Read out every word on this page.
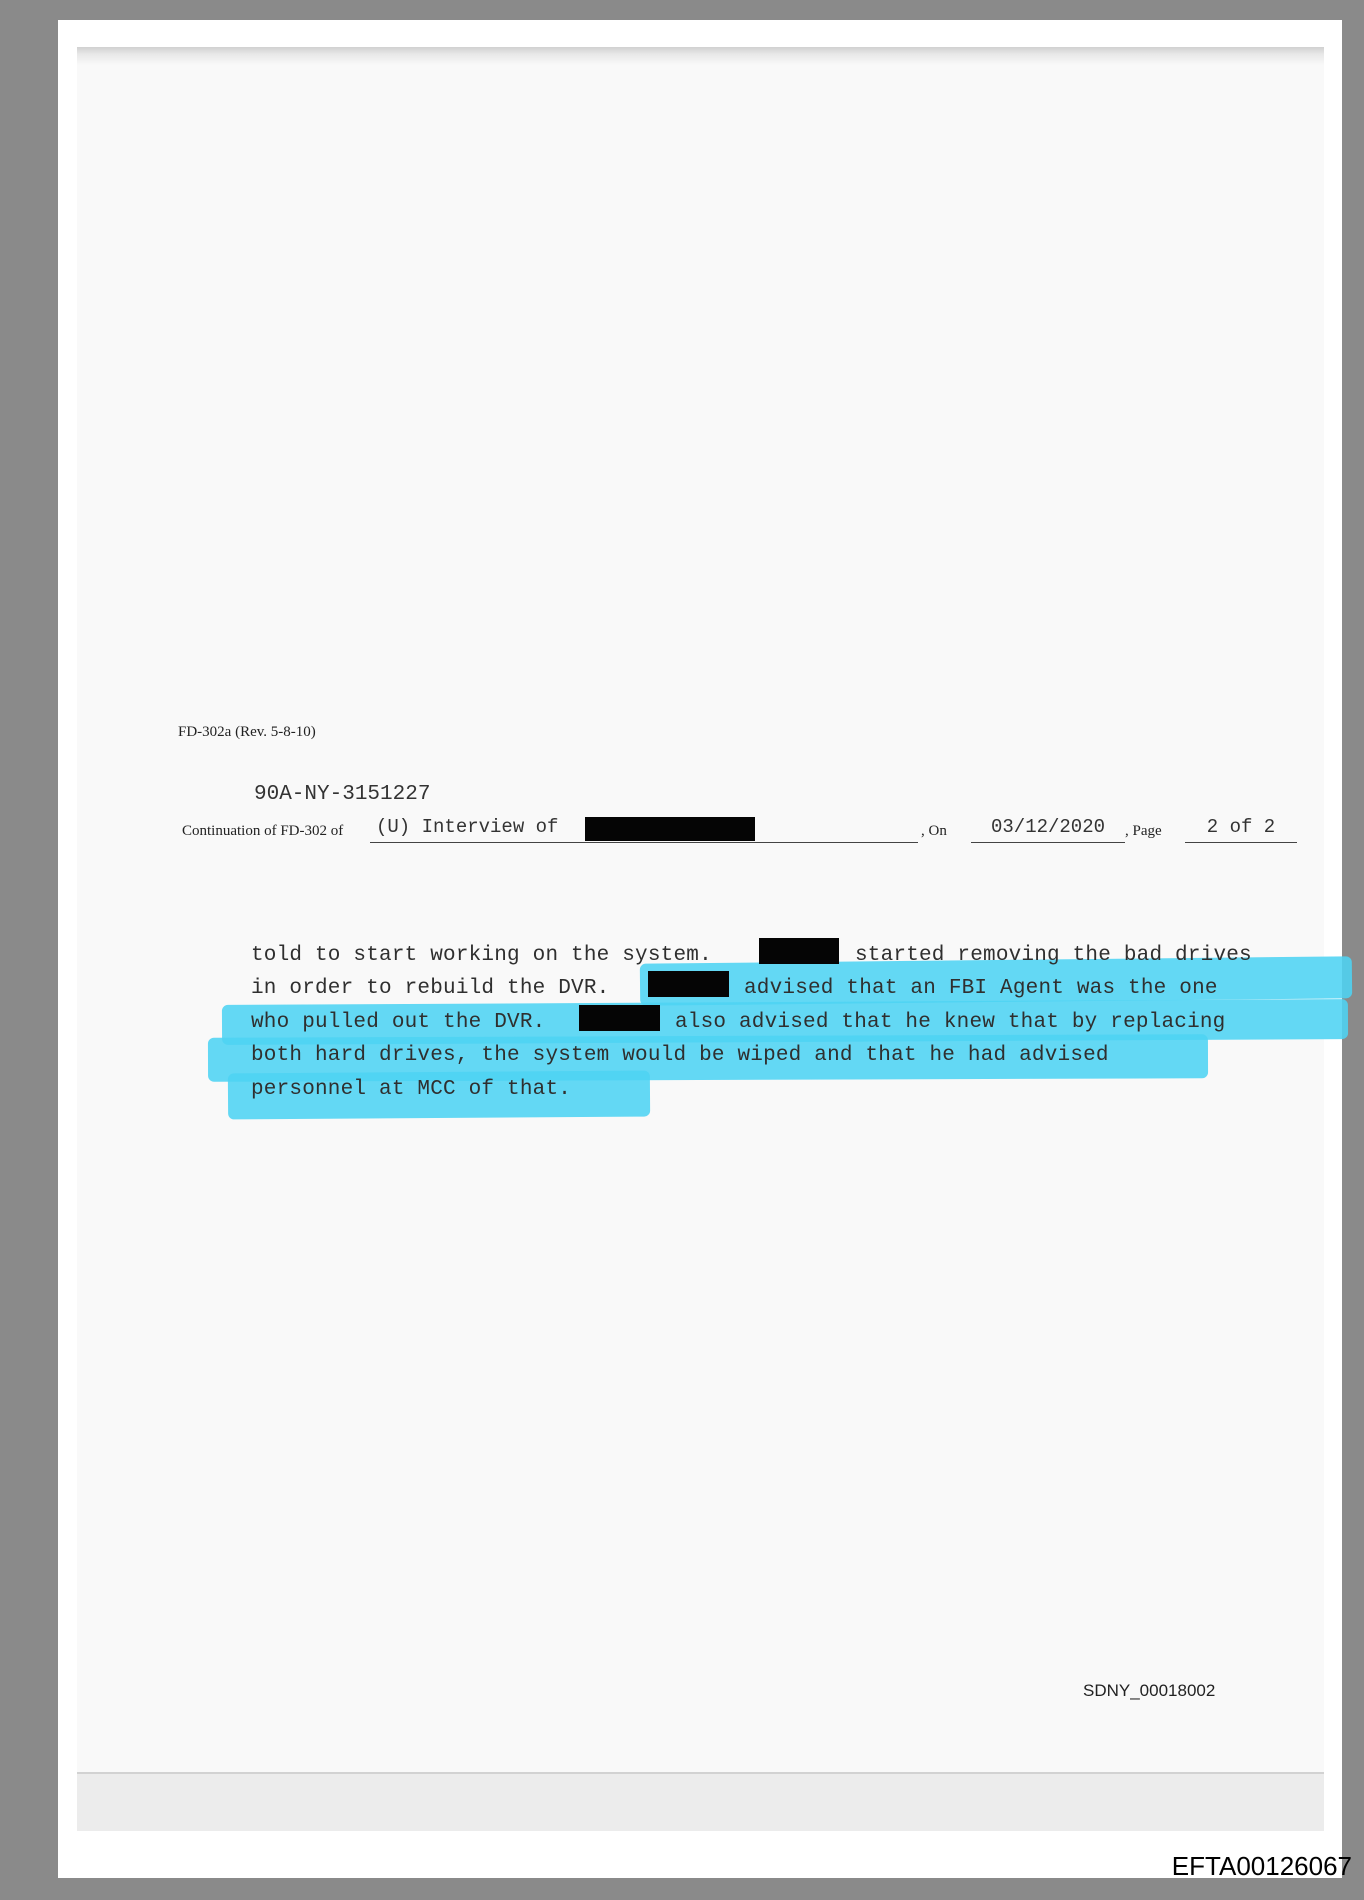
FD-302a (Rev. 5-8-10)
90A-NY-3151227
Continuation of FD-302 of (U) Interview of	, On	03/12/2020	, Page	2 of 2
told to start working on the system.	started removing the bad drives
in order to rebuild the DVR.	advised that an FBI Agent was the one
who pulled out the DVR.	also advised that he knew that by replacing
both hard drives, the system would be wiped and that he had advised
personnel at MCC of that.
SDNY_00018002
EFTA00126067
